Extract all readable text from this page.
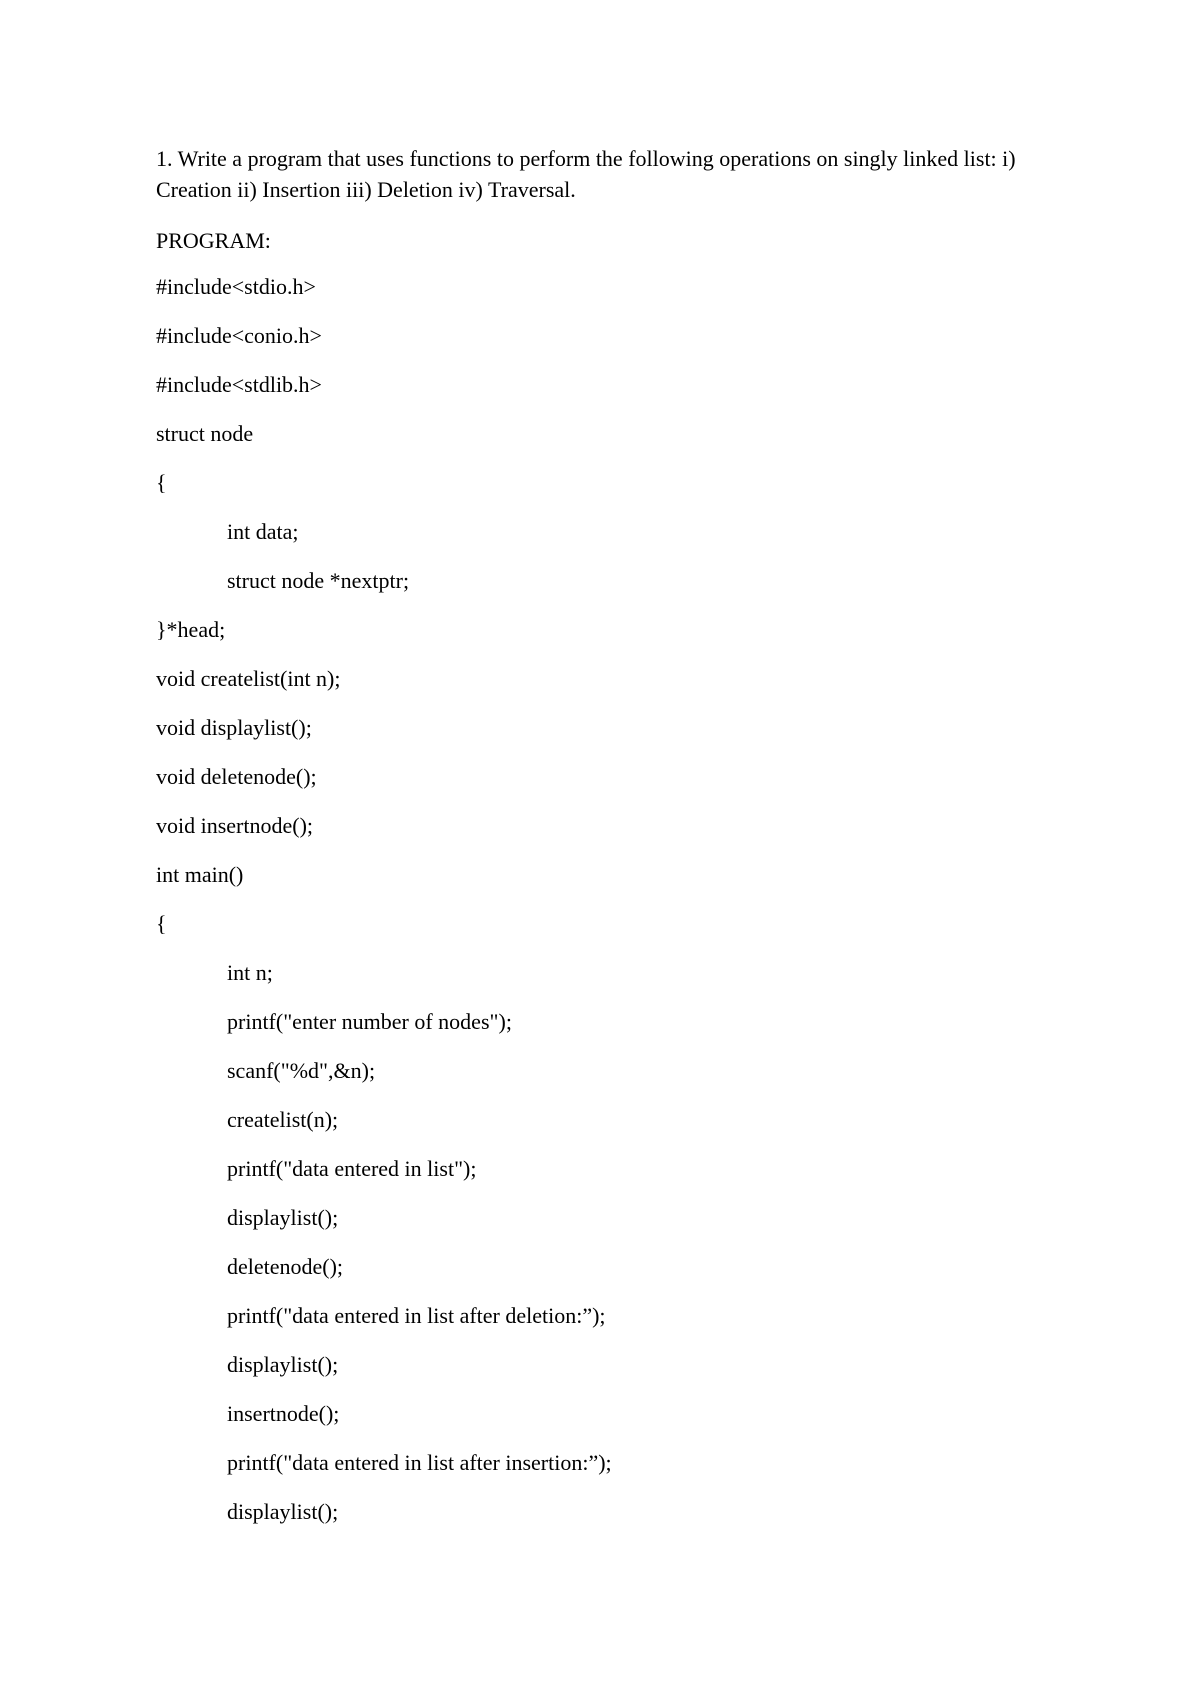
1. Write a program that uses functions to perform the following operations on singly linked list: i) Creation ii) Insertion iii) Deletion iv) Traversal.

PROGRAM:

#include<stdio.h>
#include<conio.h>
#include<stdlib.h>
struct node
{
int data;
struct node *nextptr;
}*head;
void createlist(int n);
void displaylist();
void deletenode();
void insertnode();
int main()
{
int n;
printf("enter number of nodes");
scanf("%d",&n);
createlist(n);
printf("data entered in list");
displaylist();
deletenode();
printf("data entered in list after deletion:”);
displaylist();
insertnode();
printf("data entered in list after insertion:”);
displaylist();
